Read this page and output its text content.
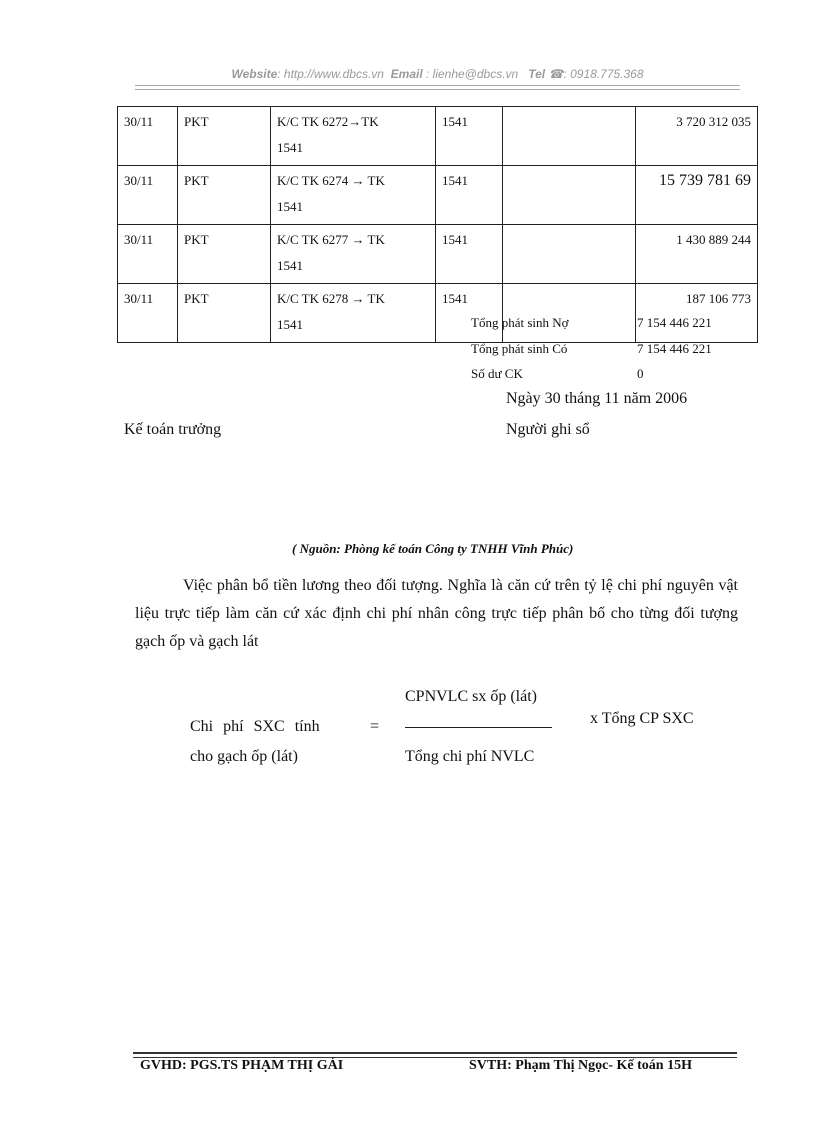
Website: http://www.dbcs.vn Email : lienhe@dbcs.vn Tel ☎: 0918.775.368
30/11	PKT	K/C TK 6272→TK
1541	1541		3 720 312 035
30/11	PKT	K/C TK 6274 → TK
1541	1541		15 739 781 69
30/11	PKT	K/C TK 6277 → TK
1541	1541		1 430 889 244
30/11	PKT	K/C TK 6278 → TK
1541	1541		187 106 773
Tổng phát sinh Nợ	7 154 446 221
Tổng phát sinh Có	7 154 446 221
Số dư CK	0
Ngày 30 tháng 11 năm 2006
Kế toán trưởng	Người ghi sổ
( Nguồn: Phòng kế toán Công ty TNHH Vĩnh Phúc)
Việc phân bổ tiền lương theo đối tượng. Nghĩa là căn cứ trên tỷ lệ chi phí nguyên vật liệu trực tiếp làm căn cứ xác định chi phí nhân công trực tiếp phân bổ cho từng đối tượng gạch ốp và gạch lát
Chi phí SXC tính
cho gạch ốp (lát)
=
CPNVLC sx ốp (lát)
Tổng chi phí NVLC
x Tổng CP SXC
GVHD: PGS.TS PHẠM THỊ GÁI	SVTH: Phạm Thị Ngọc- Kế toán 15H
